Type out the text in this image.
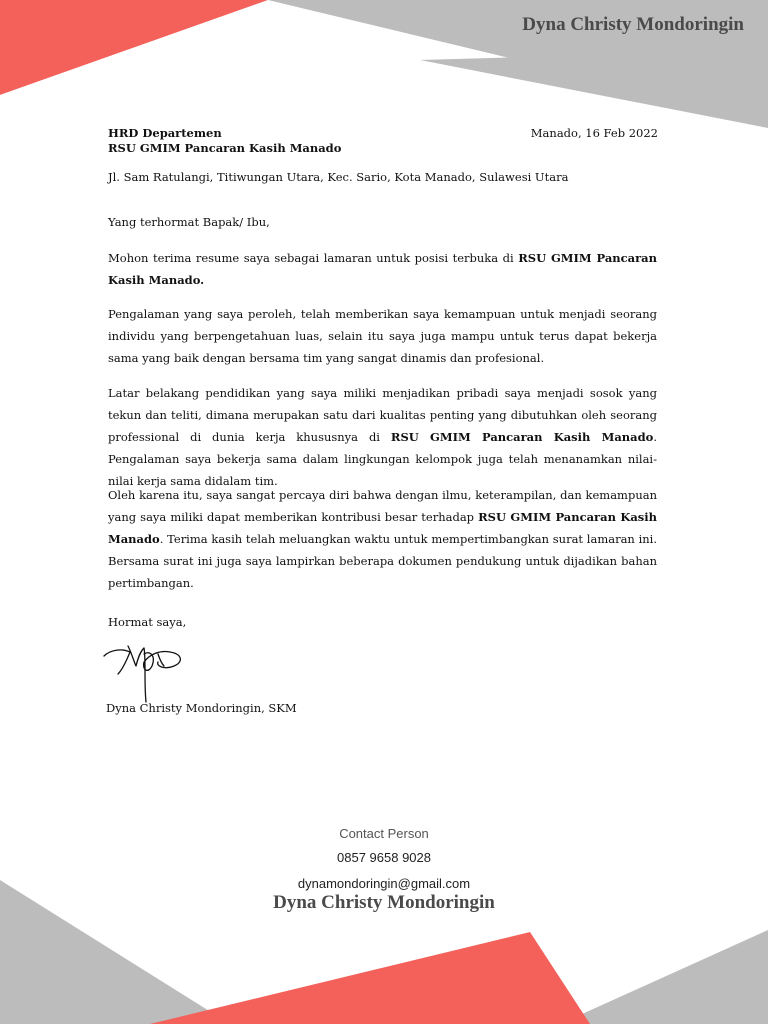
Dyna Christy Mondoringin
HRD Departemen
RSU GMIM Pancaran Kasih Manado
Manado, 16 Feb 2022
Jl. Sam Ratulangi, Titiwungan Utara, Kec. Sario, Kota Manado, Sulawesi Utara
Yang terhormat Bapak/ Ibu,

Mohon terima resume saya sebagai lamaran untuk posisi terbuka di RSU GMIM Pancaran Kasih Manado.

Pengalaman yang saya peroleh, telah memberikan saya kemampuan untuk menjadi seorang individu yang berpengetahuan luas, selain itu saya juga mampu untuk terus dapat bekerja sama yang baik dengan bersama tim yang sangat dinamis dan profesional.

Latar belakang pendidikan yang saya miliki menjadikan pribadi saya menjadi sosok yang tekun dan teliti, dimana merupakan satu dari kualitas penting yang dibutuhkan oleh seorang professional di dunia kerja khususnya di RSU GMIM Pancaran Kasih Manado. Pengalaman saya bekerja sama dalam lingkungan kelompok juga telah menanamkan nilai-nilai kerja sama didalam tim.

Oleh karena itu, saya sangat percaya diri bahwa dengan ilmu, keterampilan, dan kemampuan yang saya miliki dapat memberikan kontribusi besar terhadap RSU GMIM Pancaran Kasih Manado. Terima kasih telah meluangkan waktu untuk mempertimbangkan surat lamaran ini. Bersama surat ini juga saya lampirkan beberapa dokumen pendukung untuk dijadikan bahan pertimbangan.

Hormat saya,
Dyna Christy Mondoringin, SKM
Contact Person
0857 9658 9028
dynamondoringin@gmail.com
Dyna Christy Mondoringin
